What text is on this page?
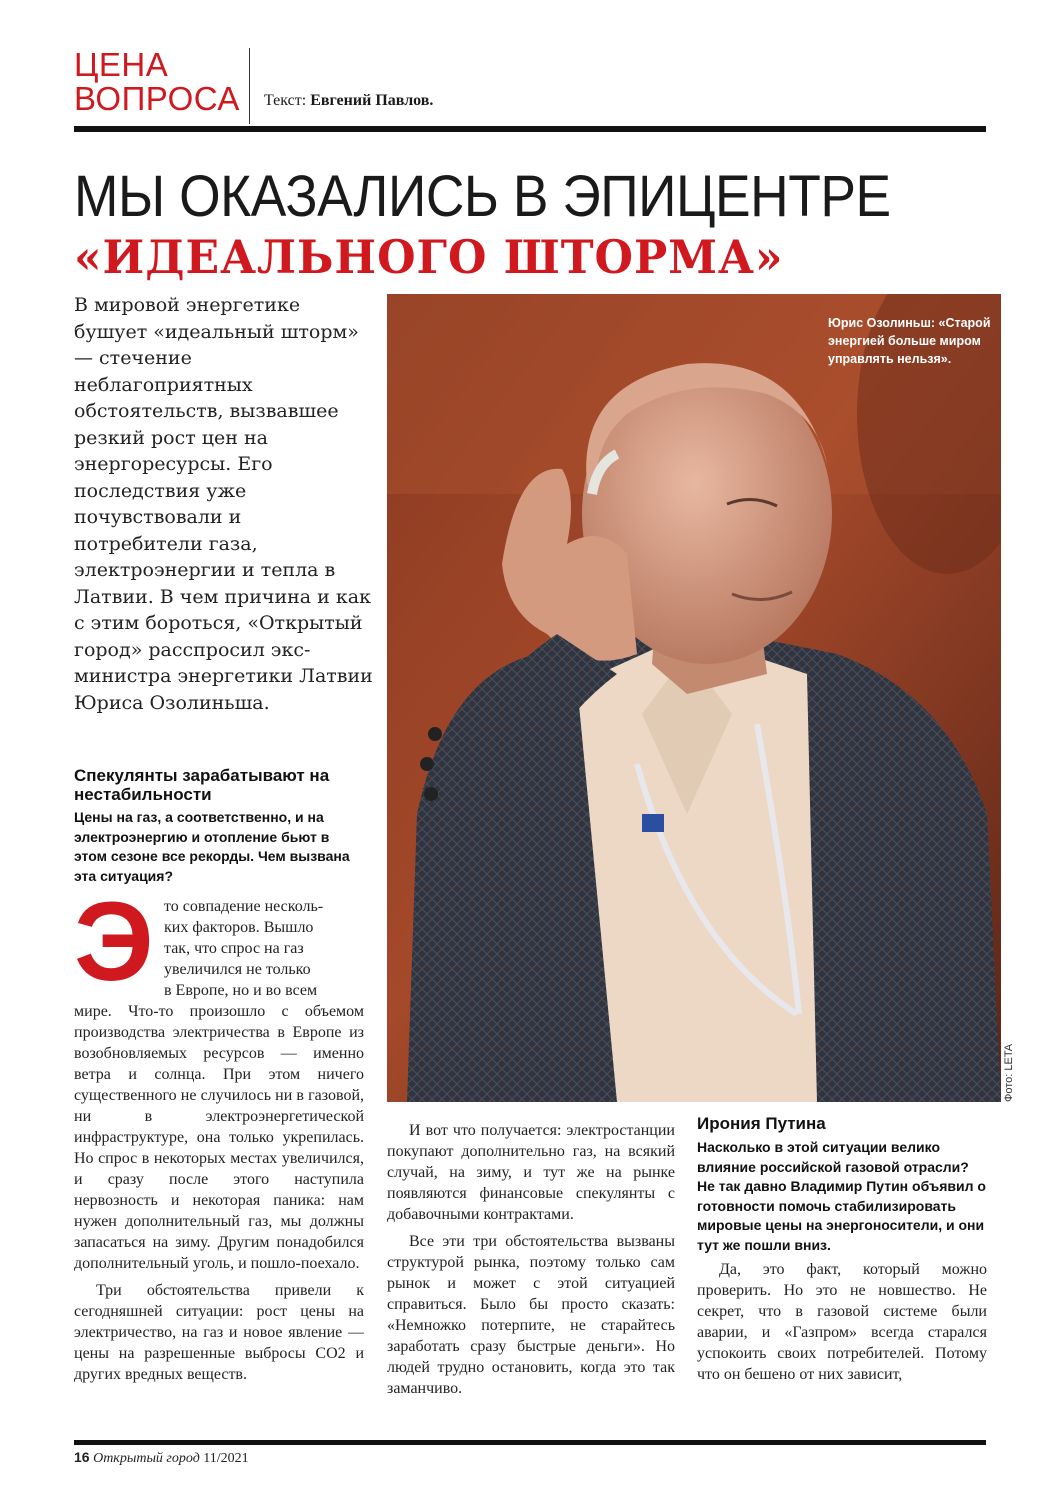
ЦЕНА
ВОПРОСА Текст: Евгений Павлов.
МЫ ОКАЗАЛИСЬ В ЭПИЦЕНТРЕ
«ИДЕАЛЬНОГО ШТОРМА»
В мировой энергетике бушует «идеальный шторм» — стечение неблагоприятных обстоятельств, вызвавшее резкий рост цен на энергоресурсы. Его последствия уже почувствовали и потребители газа, электроэнергии и тепла в Латвии. В чем причина и как с этим бороться, «Открытый город» расспросил экс-министра энергетики Латвии Юриса Озолиньша.
Юрис Озолиньш: «Старой энергией больше миром управлять нельзя».
Фото: LETA
Спекулянты зарабатывают на нестабильности
Цены на газ, а соответственно, и на электроэнергию и отопление бьют в этом сезоне все рекорды. Чем вызвана эта ситуация?
Э то совпадение несколь-
ких факторов. Вышло
так, что спрос на газ
увеличился не только
в Европе, но и во всем

мире. Что-то произошло с объемом производства электричества в Европе из возобновляемых ресурсов — именно ветра и солнца. При этом ничего существенного не случилось ни в газовой, ни в электроэнергетической инфраструктуре, она только укрепилась. Но спрос в некоторых местах увеличился, и сразу после этого наступила нервозность и некоторая паника: нам нужен дополнительный газ, мы должны запасаться на зиму. Другим понадобился дополнительный уголь, и пошло-поехало.

Три обстоятельства привели к сегодняшней ситуации: рост цены на электричество, на газ и новое явление — цены на разрешенные выбросы CO2 и других вредных веществ.

И вот что получается: электростанции покупают дополнительно газ, на всякий случай, на зиму, и тут же на рынке появляются финансовые спекулянты с добавочными контрактами.

Все эти три обстоятельства вызваны структурой рынка, поэтому только сам рынок и может с этой ситуацией справиться. Было бы просто сказать: «Немножко потерпите, не старайтесь заработать сразу быстрые деньги». Но людей трудно остановить, когда это так заманчиво.

Ирония Путина
Насколько в этой ситуации велико влияние российской газовой отрасли? Не так давно Владимир Путин объявил о готовности помочь стабилизировать мировые цены на энергоносители, и они тут же пошли вниз.

Да, это факт, который можно проверить. Но это не новшество. Не секрет, что в газовой системе были аварии, и «Газпром» всегда старался успокоить своих потребителей. Потому что он бешено от них зависит,

16 Открытый город 11/2021
